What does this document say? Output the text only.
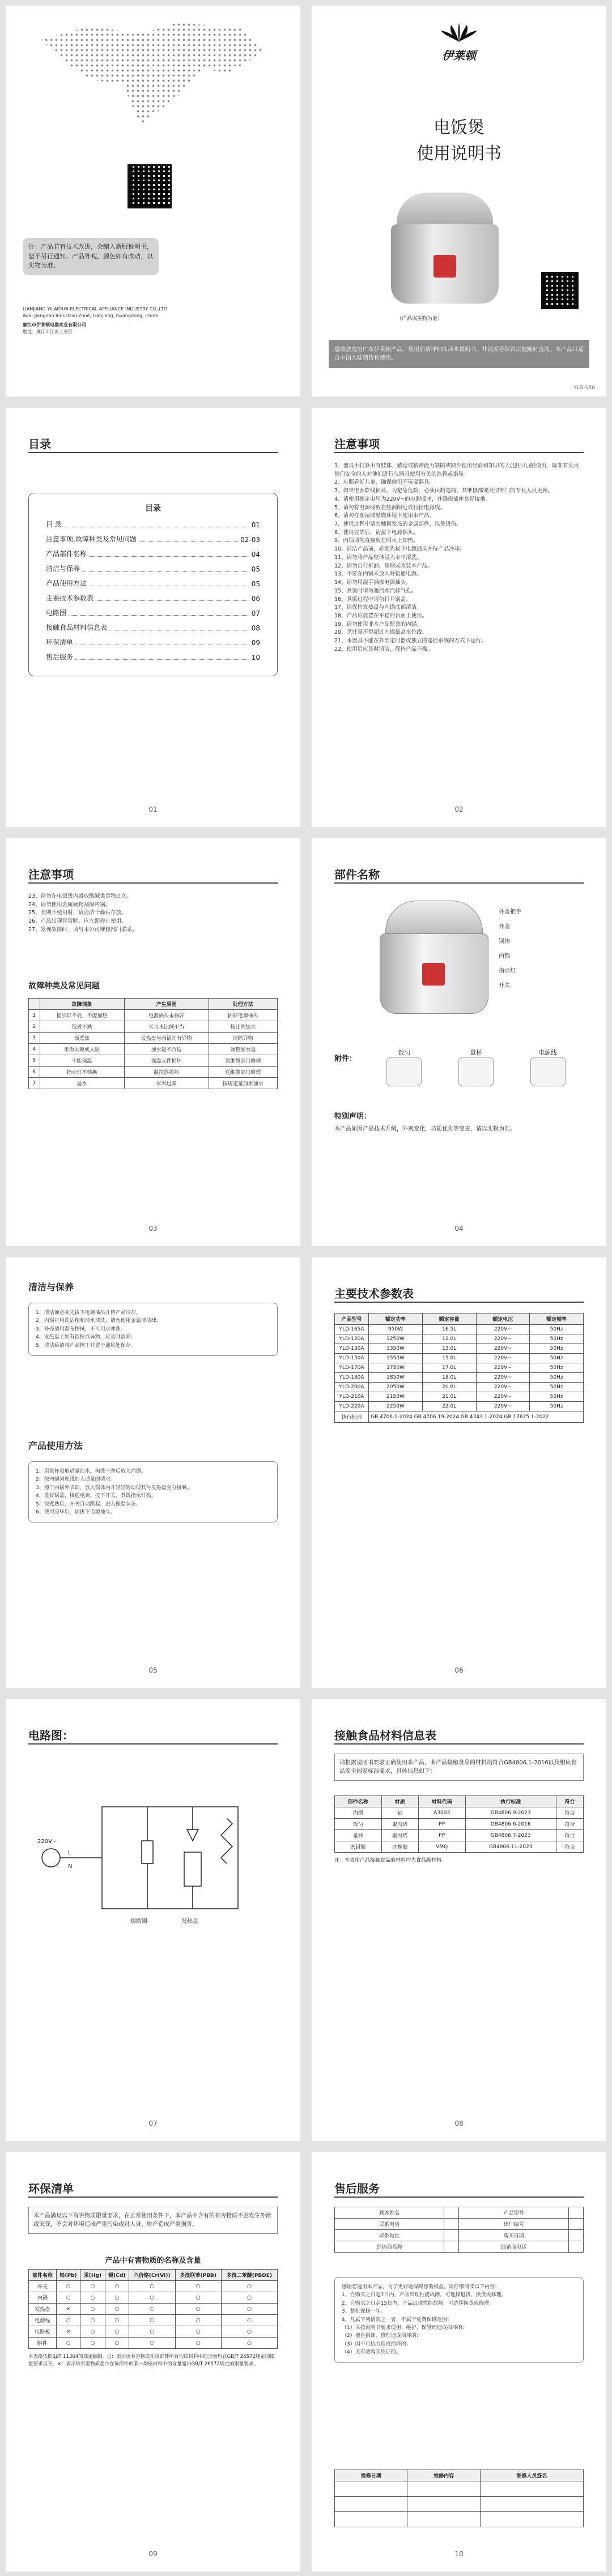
注：产品若有技术改进，会编入新版说明书，恕不另行通知。产品外观、颜色如有改动，以实物为准。
LIANJIANG YILAIDUN ELECTRICAL APPLIANCE INDUSTRY CO.,LTD
Add: Jiangnan Industrial Zone, Lianjiang, Guangdong, China
廉江市伊莱顿电器实业有限公司
地址：廉江市江南工业区
伊莱顿
电饭煲
使用说明书
（产品以实物为准）
感谢您选用广东伊莱顿产品，使用前请详细阅读本说明书，并请妥善保管以便随时查阅。本产品只适合中国大陆销售和使用。
YLD-S50
目录
目录
目 录	01
注意事项,故障种类及常见问题	02-03
产品部件名称	04
清洁与保养	05
产品使用方法	05
主要技术参数表	06
电路图	07
接触食品材料信息表	08
环保清单	09
售后服务	10
01
注意事项

1、器具不打算由有肢体、感觉或精神能力缺陷或缺少使用经验和知识的人(包括儿童)使用，除非有负责他们安全的人对他们进行与器具使用有关的监督或指导。

2、应照看好儿童，确保他们不玩耍器具。

3、如果电源软线损坏，为避免危险，必须由制造商、其维修部或类似部门的专业人员更换。

4、请使用额定电压为220V~的电源插座，并确保插座良好接地。

5、请勿将电源线放在热源附近或拉扯电源线。

6、请勿在潮湿或易燃环境下使用本产品。

7、使用过程中请勿触摸发热的金属部件，以免烫伤。

8、使用完毕后，请拔下电源插头。

9、内锅请勿直接放在明火上加热。

10、清洁产品前，必须先拔下电源插头并待产品冷却。

11、请勿将产品整体浸入水中清洗。

12、请勿自行拆卸、修理或改装本产品。

13、不要在内锅未放入时接通电源。

14、请勿用湿手插拔电源插头。

15、煮饭时请勿遮挡蒸汽排气孔。

16、煮饭过程中请勿打开锅盖。

17、请保持发热盘与内锅底部清洁。

18、产品应放置在平稳的台面上使用。

19、请勿使用非本产品配套的内锅。

20、烹饪量不得超过内锅最高水位线。

21、本器具不能在外部定时器或独立的遥控系统的方式下运行。

22、使用后应及时清洁，保持产品干燥。

02
注意事项

23、请勿在电饭煲内盛放酸碱类食物过久。

24、请勿使用金属硬物刮擦内锅。

25、长期不使用时，请清洁干燥后存放。

26、产品出现异常时，应立即停止使用。

27、发现故障时，请与本公司维修部门联系。

故障种类及常见问题
	故障现象	产生原因	处理方法
1	指示灯不亮，不能加热	电源插头未插好	插好电源插头
2	饭煮不熟	米与水比例不当	按比例加水
3	饭煮焦	发热盘与内锅间有异物	清除异物
4	米饭太硬或太软	加水量不合适	调整加水量
5	不能保温	保温元件损坏	送维修部门修理
6	指示灯不转换	温控器损坏	送维修部门修理
7	溢水	水米过多	按规定量加米加水
03
部件名称
外盖把手
外盖
锅体
内锅
指示灯
开关
附件：
饭勺	量杯	电源线
特别声明：
本产品如因产品技术升级，外观变化，功能优化等变更，请以实物为准。
04
清洁与保养
1、清洁前必须先拔下电源插头并待产品冷却。
2、内锅可用洗洁精和清水清洗，请勿使用金属清洁球。
3、外壳请用湿布擦拭，不可用水冲洗。
4、发热盘上如有饭粒或异物，应及时清除。
5、清洁后请将产品擦干并置于通风处保存。
产品使用方法
1、用量杯量取适量的米，淘洗干净后放入内锅。
2、按内锅刻度线加入适量的清水。
3、擦干内锅外表面，放入锅体内并轻轻转动使其与发热盘充分接触。
4、盖好锅盖，接通电源，按下开关，煮饭指示灯亮。
5、饭煮熟后，开关自动跳起，进入保温状态。
6、使用完毕后，请拔下电源插头。
05
主要技术参数表
产品型号	额定功率	额定容量	额定电压	额定频率
YLD-165A	950W	16.5L	220V~	50Hz
YLD-120A	1250W	12.0L	220V~	50Hz
YLD-130A	1350W	13.0L	220V~	50Hz
YLD-150A	1550W	15.0L	220V~	50Hz
YLD-170A	1750W	17.0L	220V~	50Hz
YLD-180A	1850W	18.0L	220V~	50Hz
YLD-200A	2050W	20.0L	220V~	50Hz
YLD-210A	2150W	21.0L	220V~	50Hz
YLD-220A	2250W	22.0L	220V~	50Hz
执行标准	GB 4706.1-2024 GB 4706.19-2024 GB 4343.1-2024 GB 17625.1-2022			
06
电路图：
220V~
L
N
熔断器	发热盘
07
接触食品材料信息表
请根据说明书要求正确使用本产品，本产品接触食品的材料均符合GB4806.1-2016以及相应食品安全国家标准要求，具体信息如下：
部件名称	材质	材料代码	执行标准	符合
内锅	铝	A3003	GB4806.9-2023	符合
饭勺	聚丙烯	PP	GB4806.6-2016	符合
量杯	聚丙烯	PP	GB4806.7-2023	符合
密封圈	硅橡胶	VMQ	GB4806.11-2023	符合
注：本表中产品接触食品的材料均为食品级材料。
08
环保清单
本产品满足以下有害物质限量要求，在正常使用条件下，本产品中含有的有害物质不会发生外泄或突变，不会对环境造成严重污染或对人身、财产造成严重损害。
产品中有害物质的名称及含量
部件名称	铅(Pb)	汞(Hg)	镉(Cd)	六价铬(Cr(VI))	多溴联苯(PBB)	多溴二苯醚(PBDE)
外壳	○	○	○	○	○	○
内锅	○	○	○	○	○	○
发热盘	×	○	○	○	○	○
电源线	○	○	○	○	○	○
电路板	×	○	○	○	○	○
附件	○	○	○	○	○	○
本表格依据SJ/T 11364的规定编制。○：表示该有害物质在该部件所有均质材料中的含量均在GB/T 26572规定的限量要求以下。×：表示该有害物质至少在该部件的某一均质材料中的含量超出GB/T 26572规定的限量要求。
09
售后服务
顾客姓名		产品型号	
联系电话		出厂编号	
联系地址		购买日期	
经销商名称		经销商电话	
感谢您选用本产品，为了更好地保障您的权益，请仔细阅读以下内容：
1、自购买之日起7日内，产品出现性能故障，可选择退货、换货或修理。
2、自购买之日起15日内，产品出现性能故障，可选择换货或修理。
3、整机保修一年。
4、凡属下列情况之一者，不属于免费保修范围：
（1）未按说明书要求使用、维护、保管而造成损坏的；
（2）擅自拆卸、修理造成损坏的；
（3）因不可抗力造成损坏的；
（4）无有效购买凭证的。
维修日期	维修内容	维修人员签名

10
